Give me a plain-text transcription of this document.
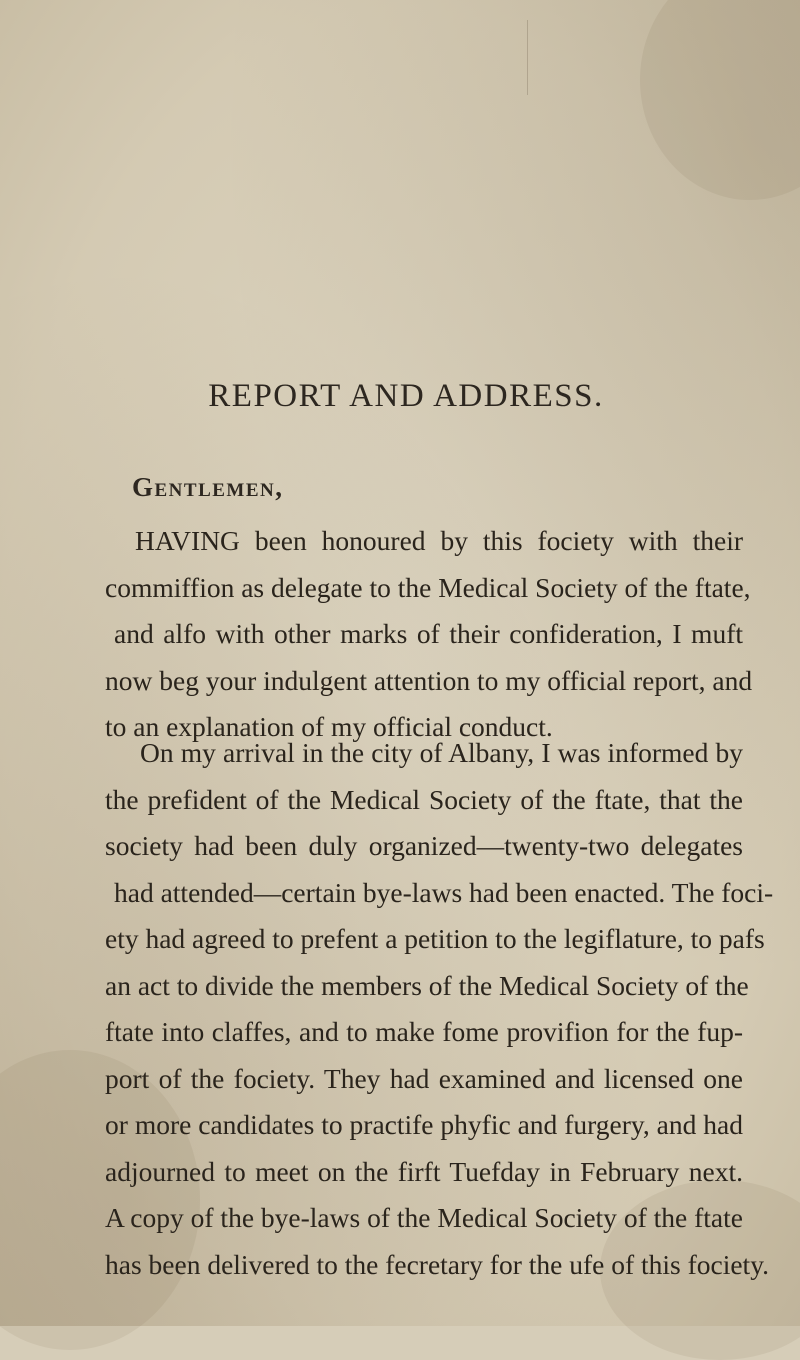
REPORT AND ADDRESS.
Gentlemen,
HAVING been honoured by this fociety with their
commiffion as delegate to the Medical Society of the ftate,
and alfo with other marks of their confideration, I muft
now beg your indulgent attention to my official report, and
to an explanation of my official conduct.
On my arrival in the city of Albany, I was informed by
the prefident of the Medical Society of the ftate, that the
society had been duly organized—twenty-two delegates
had attended—certain bye-laws had been enacted. The foci-
ety had agreed to prefent a petition to the legiflature, to pafs
an act to divide the members of the Medical Society of the
ftate into claffes, and to make fome provifion for the fup-
port of the fociety. They had examined and licensed one
or more candidates to practife phyfic and furgery, and had
adjourned to meet on the firft Tuefday in February next.
A copy of the bye-laws of the Medical Society of the ftate
has been delivered to the fecretary for the ufe of this fociety.
